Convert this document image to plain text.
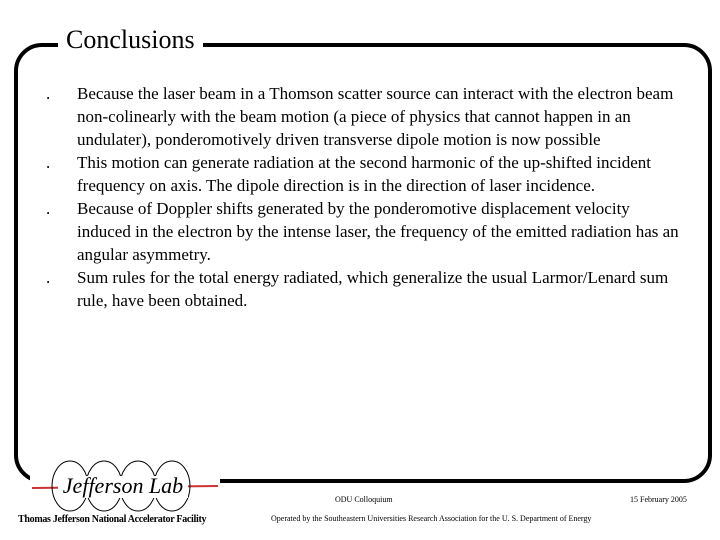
Conclusions
. Because the laser beam in a Thomson scatter source can interact with the electron beam non-colinearly with the beam motion (a piece of physics that cannot happen in an undulater), ponderomotively driven transverse dipole motion is now possible
. This motion can generate radiation at the second harmonic of the up-shifted incident frequency on axis. The dipole direction is in the direction of laser incidence.
. Because of Doppler shifts generated by the ponderomotive displacement velocity induced in the electron by the intense laser, the frequency of the emitted radiation has an angular asymmetry.
. Sum rules for the total energy radiated, which generalize the usual Larmor/Lenard sum rule, have been obtained.
Jefferson Lab
Thomas Jefferson National Accelerator Facility
ODU Colloquium	15 February 2005
Operated by the Southeastern Universities Research Association for the U. S. Department of Energy
